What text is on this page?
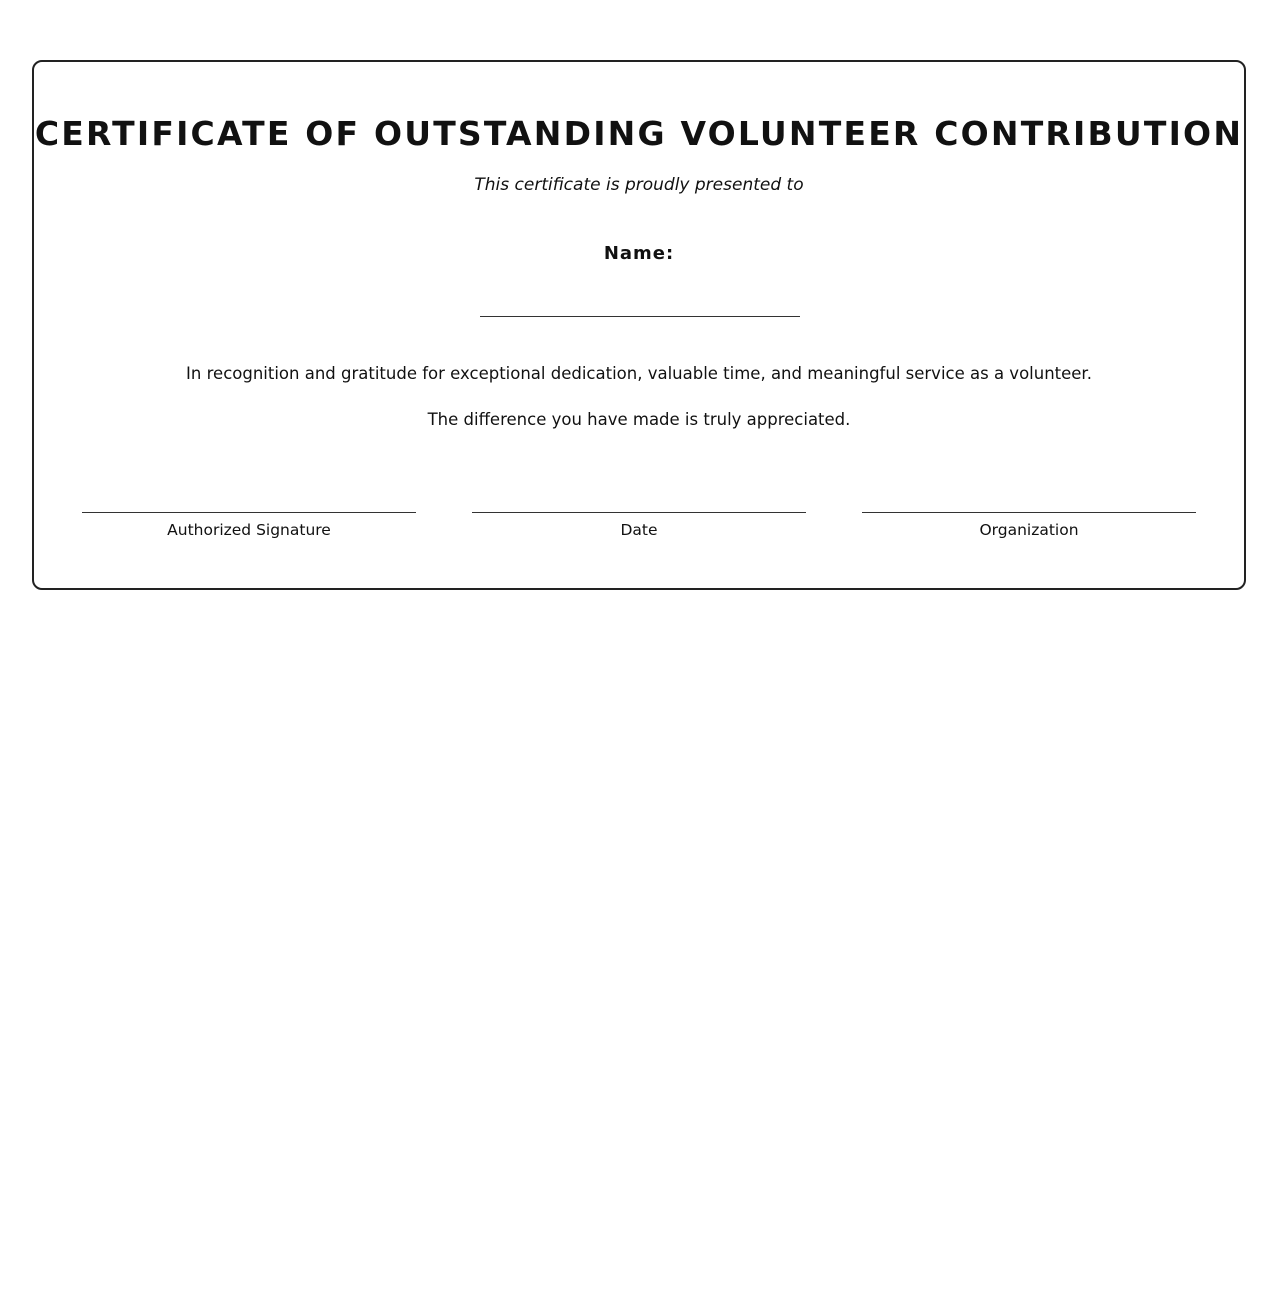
CERTIFICATE OF OUTSTANDING VOLUNTEER CONTRIBUTION
This certificate is proudly presented to
Name:
In recognition and gratitude for exceptional dedication, valuable time, and meaningful service as a volunteer.
The difference you have made is truly appreciated.
Authorized Signature	Date	Organization
